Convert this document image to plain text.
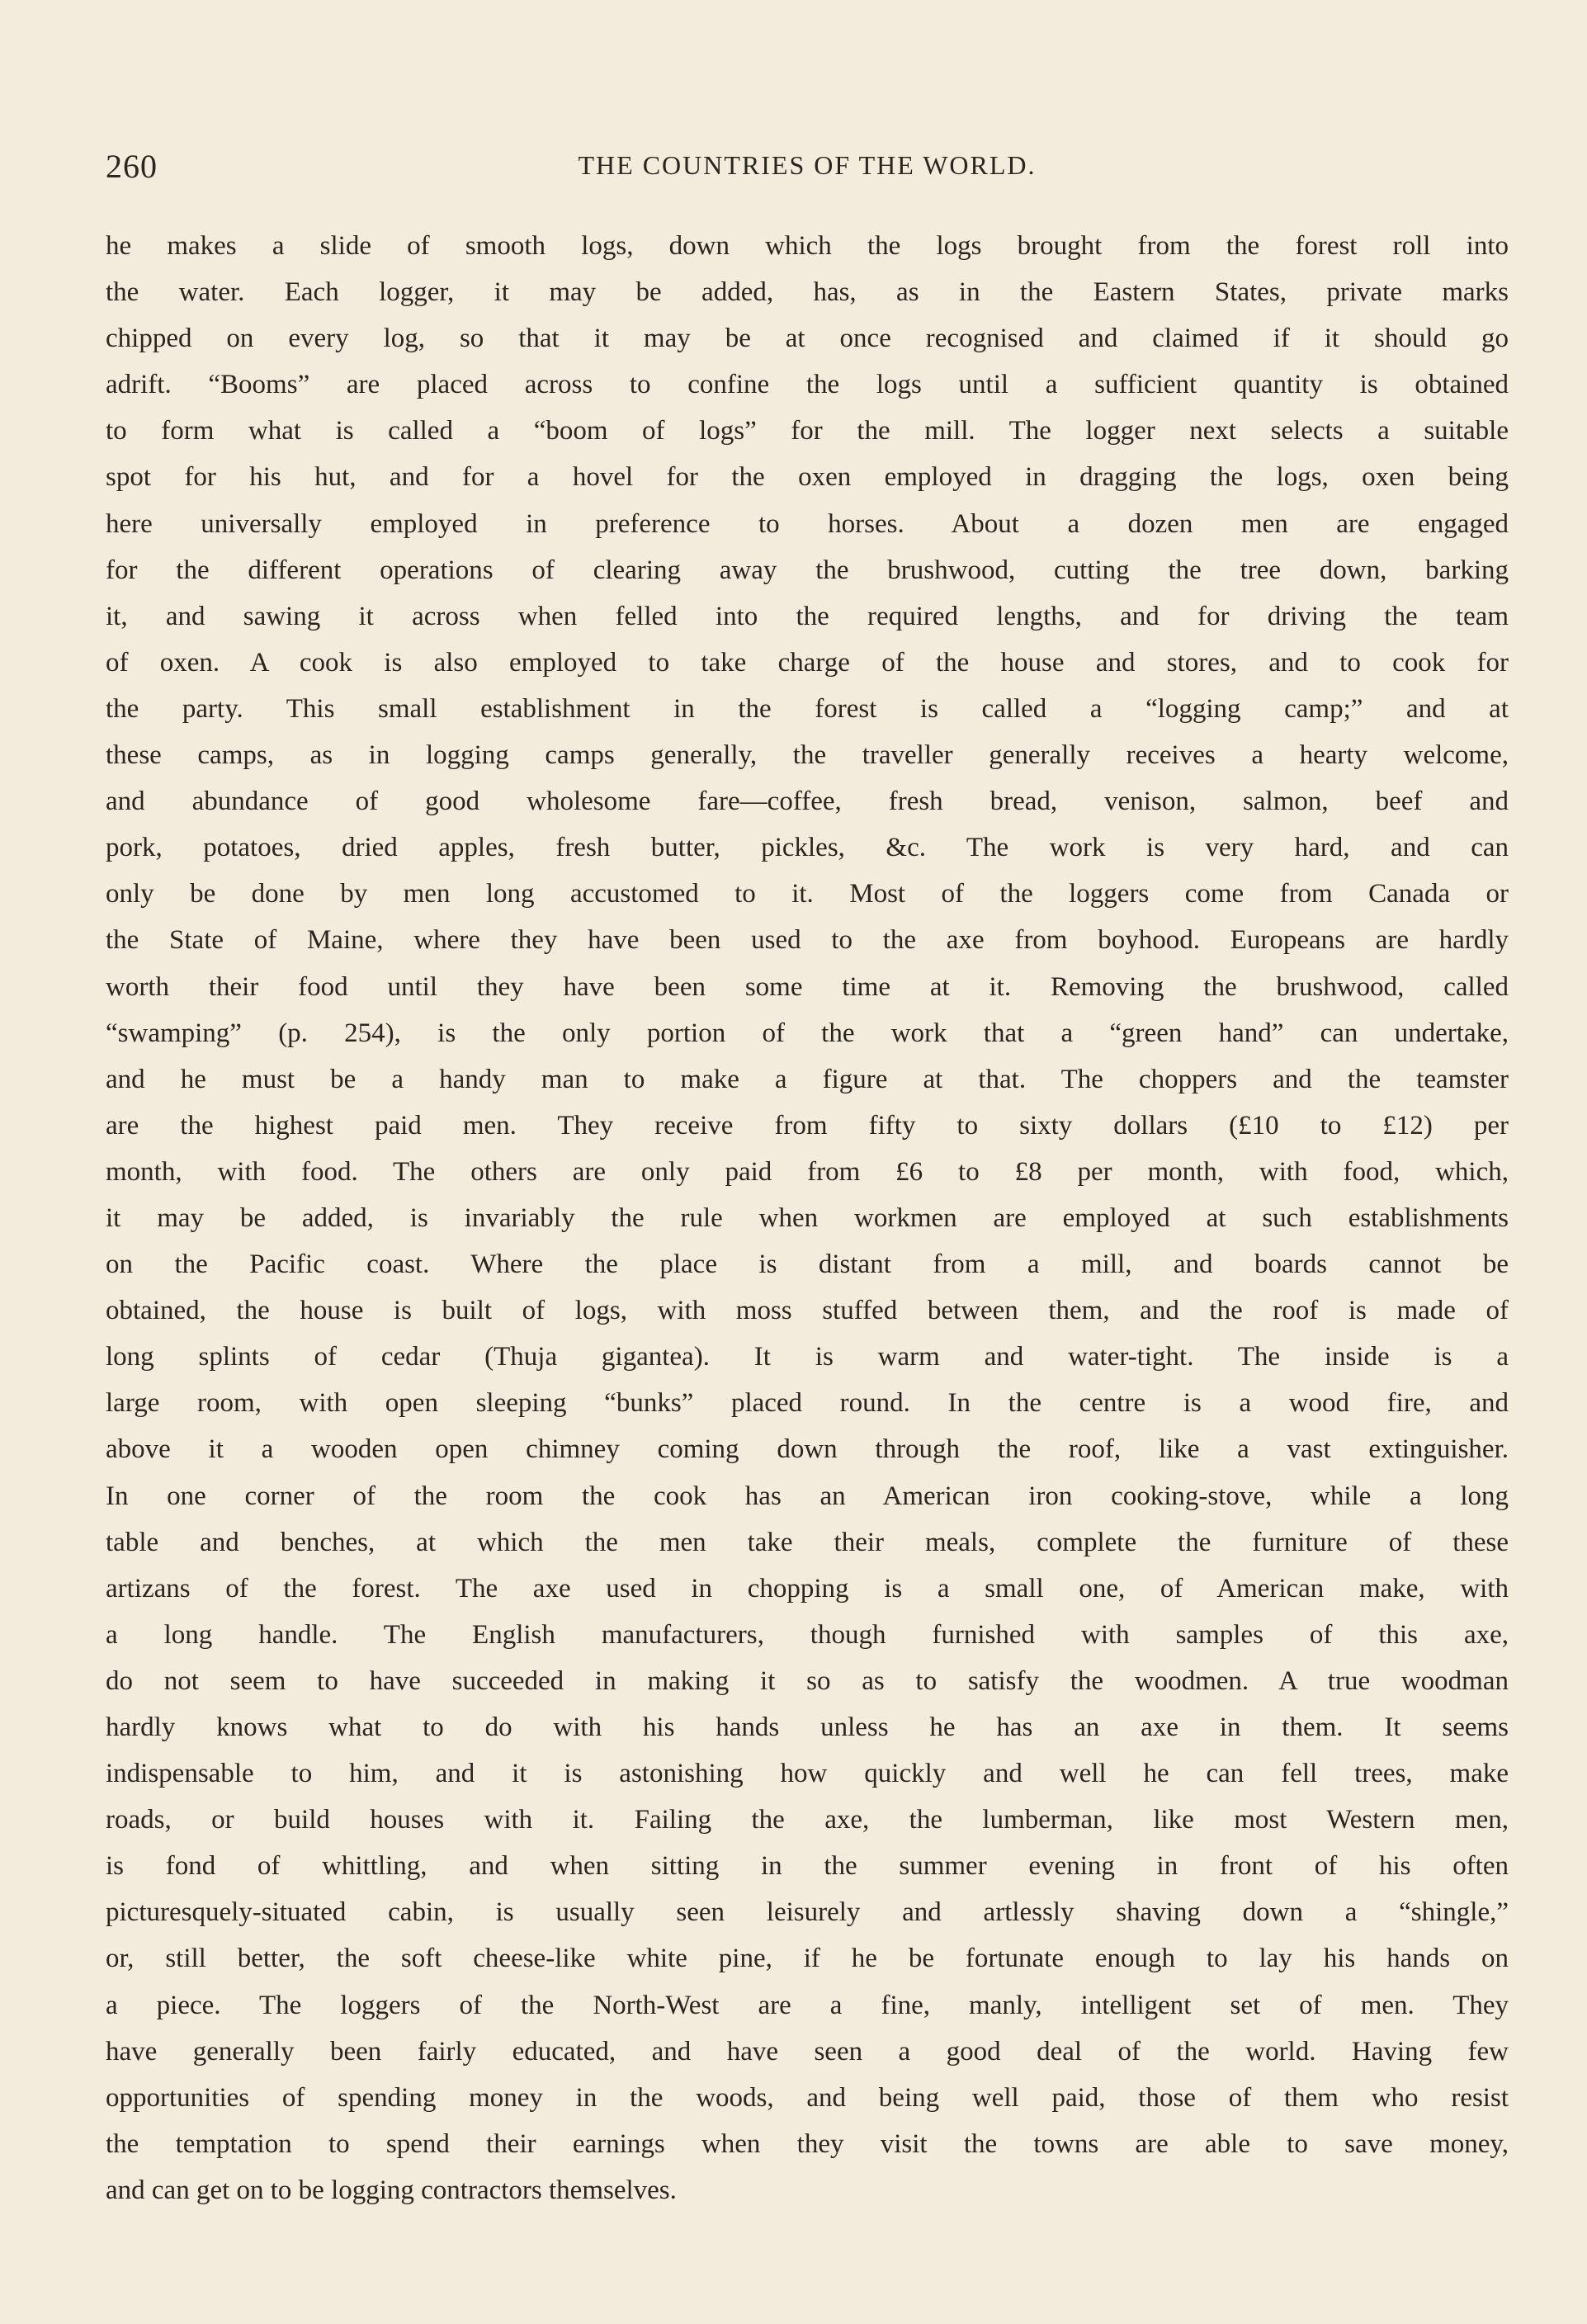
260	THE COUNTRIES OF THE WORLD.
he makes a slide of smooth logs, down which the logs brought from the forest roll into
the water. Each logger, it may be added, has, as in the Eastern States, private marks
chipped on every log, so that it may be at once recognised and claimed if it should go
adrift. “Booms” are placed across to confine the logs until a sufficient quantity is obtained
to form what is called a “boom of logs” for the mill. The logger next selects a suitable
spot for his hut, and for a hovel for the oxen employed in dragging the logs, oxen being
here universally employed in preference to horses. About a dozen men are engaged
for the different operations of clearing away the brushwood, cutting the tree down, barking
it, and sawing it across when felled into the required lengths, and for driving the team
of oxen. A cook is also employed to take charge of the house and stores, and to cook for
the party. This small establishment in the forest is called a “logging camp;” and at
these camps, as in logging camps generally, the traveller generally receives a hearty welcome,
and abundance of good wholesome fare—coffee, fresh bread, venison, salmon, beef and
pork, potatoes, dried apples, fresh butter, pickles, &c. The work is very hard, and can
only be done by men long accustomed to it. Most of the loggers come from Canada or
the State of Maine, where they have been used to the axe from boyhood. Europeans are hardly
worth their food until they have been some time at it. Removing the brushwood, called
“swamping” (p. 254), is the only portion of the work that a “green hand” can undertake,
and he must be a handy man to make a figure at that. The choppers and the teamster
are the highest paid men. They receive from fifty to sixty dollars (£10 to £12) per
month, with food. The others are only paid from £6 to £8 per month, with food, which,
it may be added, is invariably the rule when workmen are employed at such establishments
on the Pacific coast. Where the place is distant from a mill, and boards cannot be
obtained, the house is built of logs, with moss stuffed between them, and the roof is made of
long splints of cedar (Thuja gigantea). It is warm and water-tight. The inside is a
large room, with open sleeping “bunks” placed round. In the centre is a wood fire, and
above it a wooden open chimney coming down through the roof, like a vast extinguisher.
In one corner of the room the cook has an American iron cooking-stove, while a long
table and benches, at which the men take their meals, complete the furniture of these
artizans of the forest. The axe used in chopping is a small one, of American make, with
a long handle. The English manufacturers, though furnished with samples of this axe,
do not seem to have succeeded in making it so as to satisfy the woodmen. A true woodman
hardly knows what to do with his hands unless he has an axe in them. It seems
indispensable to him, and it is astonishing how quickly and well he can fell trees, make
roads, or build houses with it. Failing the axe, the lumberman, like most Western men,
is fond of whittling, and when sitting in the summer evening in front of his often
picturesquely-situated cabin, is usually seen leisurely and artlessly shaving down a “shingle,”
or, still better, the soft cheese-like white pine, if he be fortunate enough to lay his hands on
a piece. The loggers of the North-West are a fine, manly, intelligent set of men. They
have generally been fairly educated, and have seen a good deal of the world. Having few
opportunities of spending money in the woods, and being well paid, those of them who resist
the temptation to spend their earnings when they visit the towns are able to save money,
and can get on to be logging contractors themselves.
